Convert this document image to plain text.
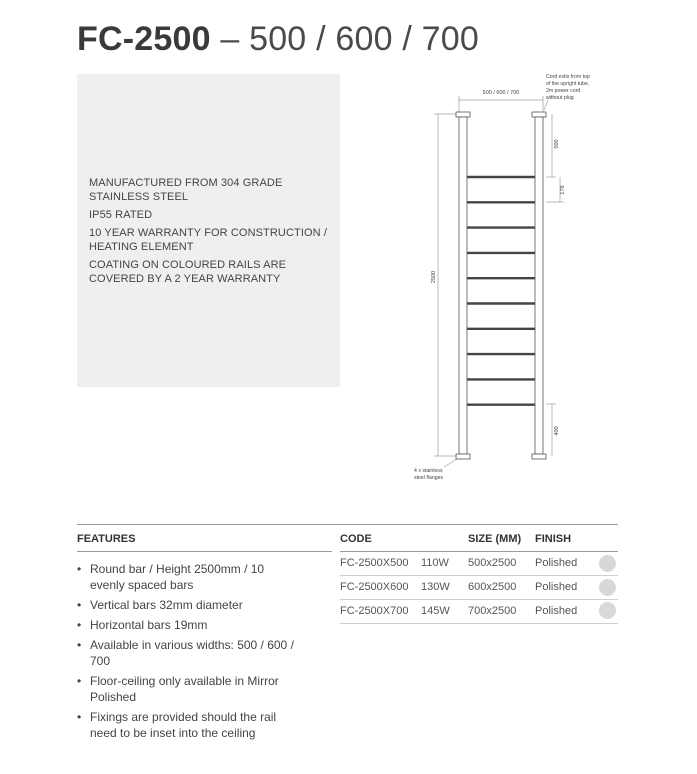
FC-2500 – 500 / 600 / 700
MANUFACTURED FROM 304 GRADE STAINLESS STEEL
IP55 RATED
10 YEAR WARRANTY FOR CONSTRUCTION / HEATING ELEMENT
COATING ON COLOURED RAILS ARE COVERED BY A 2 YEAR WARRANTY
500 / 600 / 700
2500
500
178
400
Cord exits from top of the upright tube, 2m power cord without plug
4 x stainless steel flanges
FEATURES	CODE	SIZE (MM) FINISH
FC-2500X500 110W 500x2500 Polished
FC-2500X600 130W 600x2500 Polished
FC-2500X700 145W 700x2500 Polished
• Round bar / Height 2500mm / 10 evenly spaced bars
• Vertical bars 32mm diameter
• Horizontal bars 19mm
• Available in various widths: 500 / 600 / 700
• Floor-ceiling only available in Mirror Polished
• Fixings are provided should the rail need to be inset into the ceiling
